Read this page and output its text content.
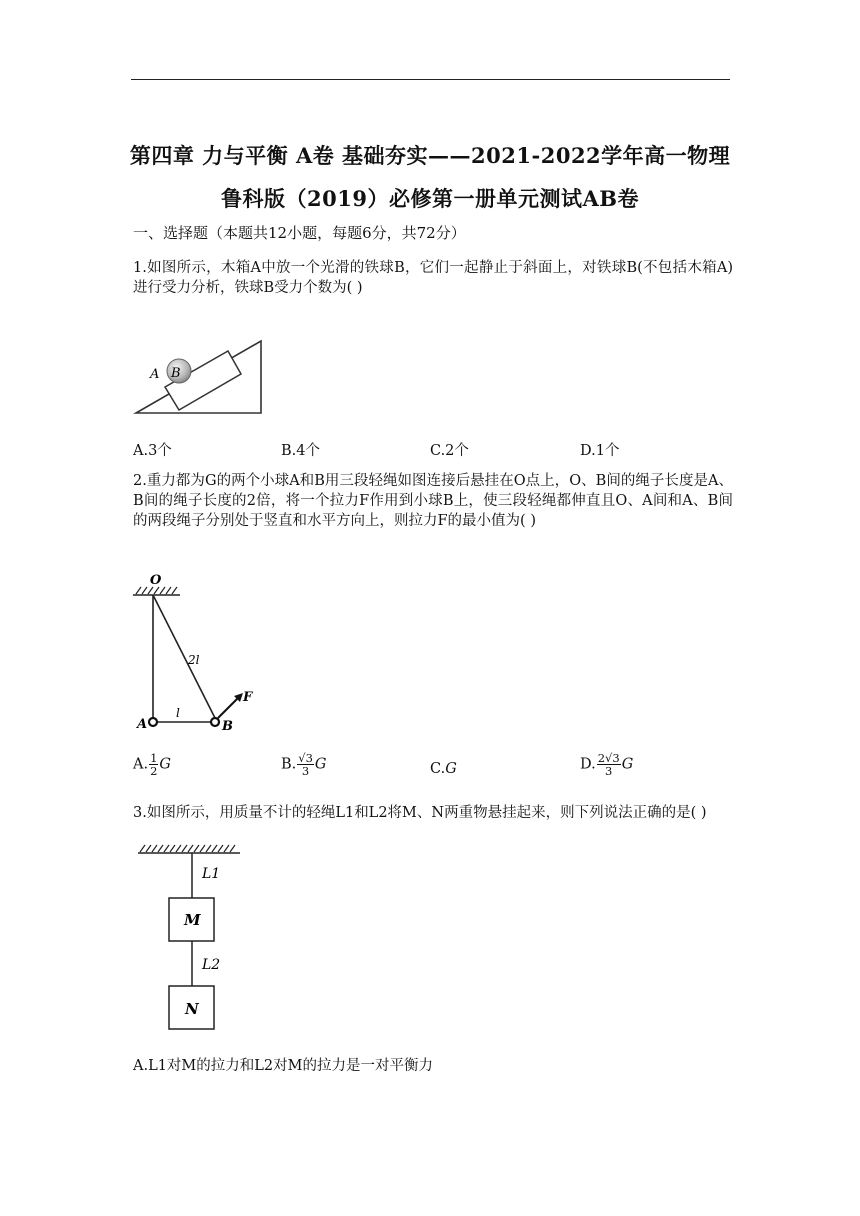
第四章 力与平衡 A卷 基础夯实——2021-2022学年高一物理
鲁科版（2019）必修第一册单元测试AB卷
一、选择题（本题共12小题，每题6分，共72分）
1.如图所示，木箱A中放一个光滑的铁球B，它们一起静止于斜面上，对铁球B(不包括木箱A)进行受力分析，铁球B受力个数为( )
A B
A.3个	B.4个	C.2个	D.1个
2.重力都为G的两个小球A和B用三段轻绳如图连接后悬挂在O点上，O、B间的绳子长度是A、B间的绳子长度的2倍，将一个拉力F作用到小球B上，使三段轻绳都伸直且O、A间和A、B间的两段绳子分别处于竖直和水平方向上，则拉力F的最小值为( )
O
2l
F
A
l
B
A. $\frac{1}{2}$ G	B. $\frac{√3}{3}$ G	C.G	D. $\frac{2√3}{3}$ G
3.如图所示，用质量不计的轻绳L1和L2将M、N两重物悬挂起来，则下列说法正确的是( )
L1
M
L2
N
A.L1对M的拉力和L2对M的拉力是一对平衡力
